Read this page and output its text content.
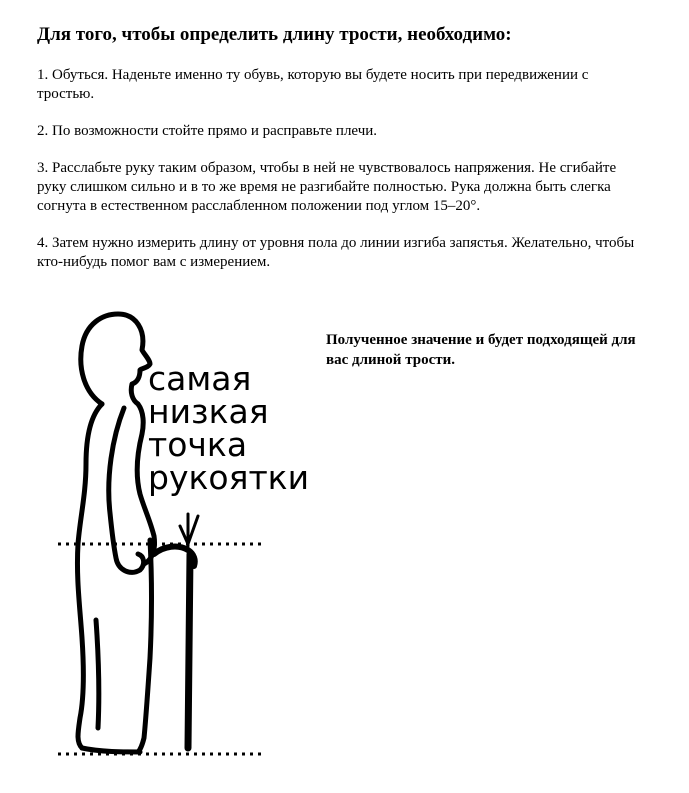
Для того, чтобы определить длину трости, необходимо:

1. Обуться. Наденьте именно ту обувь, которую вы будете носить при передвижении с тростью.

2. По возможности стойте прямо и расправьте плечи.

3. Расслабьте руку таким образом, чтобы в ней не чувствовалось напряжения. Не сгибайте руку слишком сильно и в то же время не разгибайте полностью. Рука должна быть слегка согнута в естественном расслабленном положении под углом 15–20°.

4. Затем нужно измерить длину от уровня пола до линии изгиба запястья. Желательно, чтобы кто-нибудь помог вам с измерением.

самая
низкая
точка
рукоятки
Полученное значение и будет подходящей для вас длиной трости.
